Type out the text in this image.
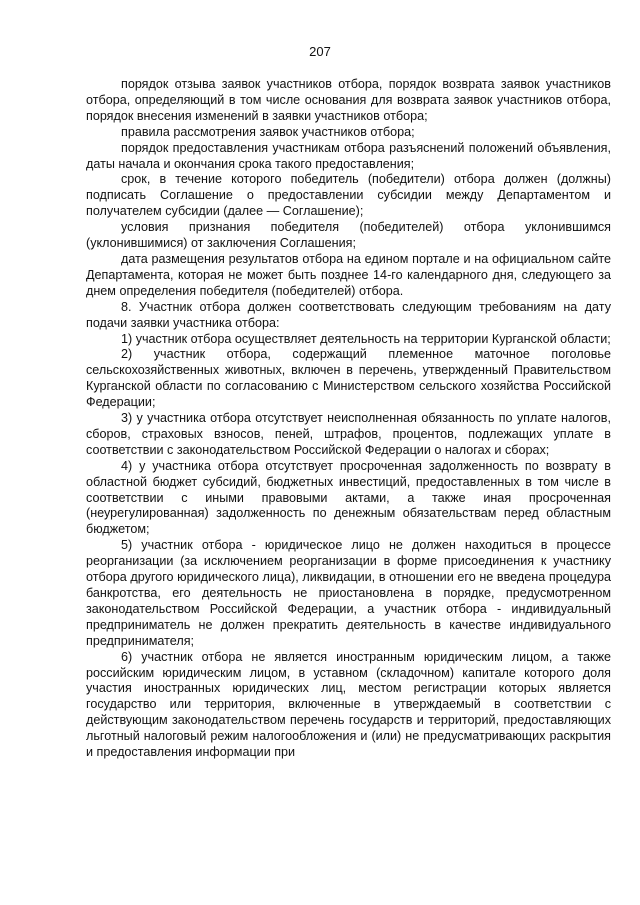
207

порядок отзыва заявок участников отбора, порядок возврата заявок участников отбора, определяющий в том числе основания для возврата заявок участников отбора, порядок внесения изменений в заявки участников отбора;

правила рассмотрения заявок участников отбора;

порядок предоставления участникам отбора разъяснений положений объявления, даты начала и окончания срока такого предоставления;

срок, в течение которого победитель (победители) отбора должен (должны) подписать Соглашение о предоставлении субсидии между Департаментом и получателем субсидии (далее — Соглашение);

условия признания победителя (победителей) отбора уклонившимся (уклонившимися) от заключения Соглашения;

дата размещения результатов отбора на едином портале и на официальном сайте Департамента, которая не может быть позднее 14-го календарного дня, следующего за днем определения победителя (победителей) отбора.

8. Участник отбора должен соответствовать следующим требованиям на дату подачи заявки участника отбора:

1) участник отбора осуществляет деятельность на территории Курганской области;

2) участник отбора, содержащий племенное маточное поголовье сельскохозяйственных животных, включен в перечень, утвержденный Правительством Курганской области по согласованию с Министерством сельского хозяйства Российской Федерации;

3) у участника отбора отсутствует неисполненная обязанность по уплате налогов, сборов, страховых взносов, пеней, штрафов, процентов, подлежащих уплате в соответствии с законодательством Российской Федерации о налогах и сборах;

4) у участника отбора отсутствует просроченная задолженность по возврату в областной бюджет субсидий, бюджетных инвестиций, предоставленных в том числе в соответствии с иными правовыми актами, а также иная просроченная (неурегулированная) задолженность по денежным обязательствам перед областным бюджетом;

5) участник отбора - юридическое лицо не должен находиться в процессе реорганизации (за исключением реорганизации в форме присоединения к участнику отбора другого юридического лица), ликвидации, в отношении его не введена процедура банкротства, его деятельность не приостановлена в порядке, предусмотренном законодательством Российской Федерации, а участник отбора - индивидуальный предприниматель не должен прекратить деятельность в качестве индивидуального предпринимателя;

6) участник отбора не является иностранным юридическим лицом, а также российским юридическим лицом, в уставном (складочном) капитале которого доля участия иностранных юридических лиц, местом регистрации которых является государство или территория, включенные в утверждаемый в соответствии с действующим законодательством перечень государств и территорий, предоставляющих льготный налоговый режим налогообложения и (или) не предусматривающих раскрытия и предоставления информации при
